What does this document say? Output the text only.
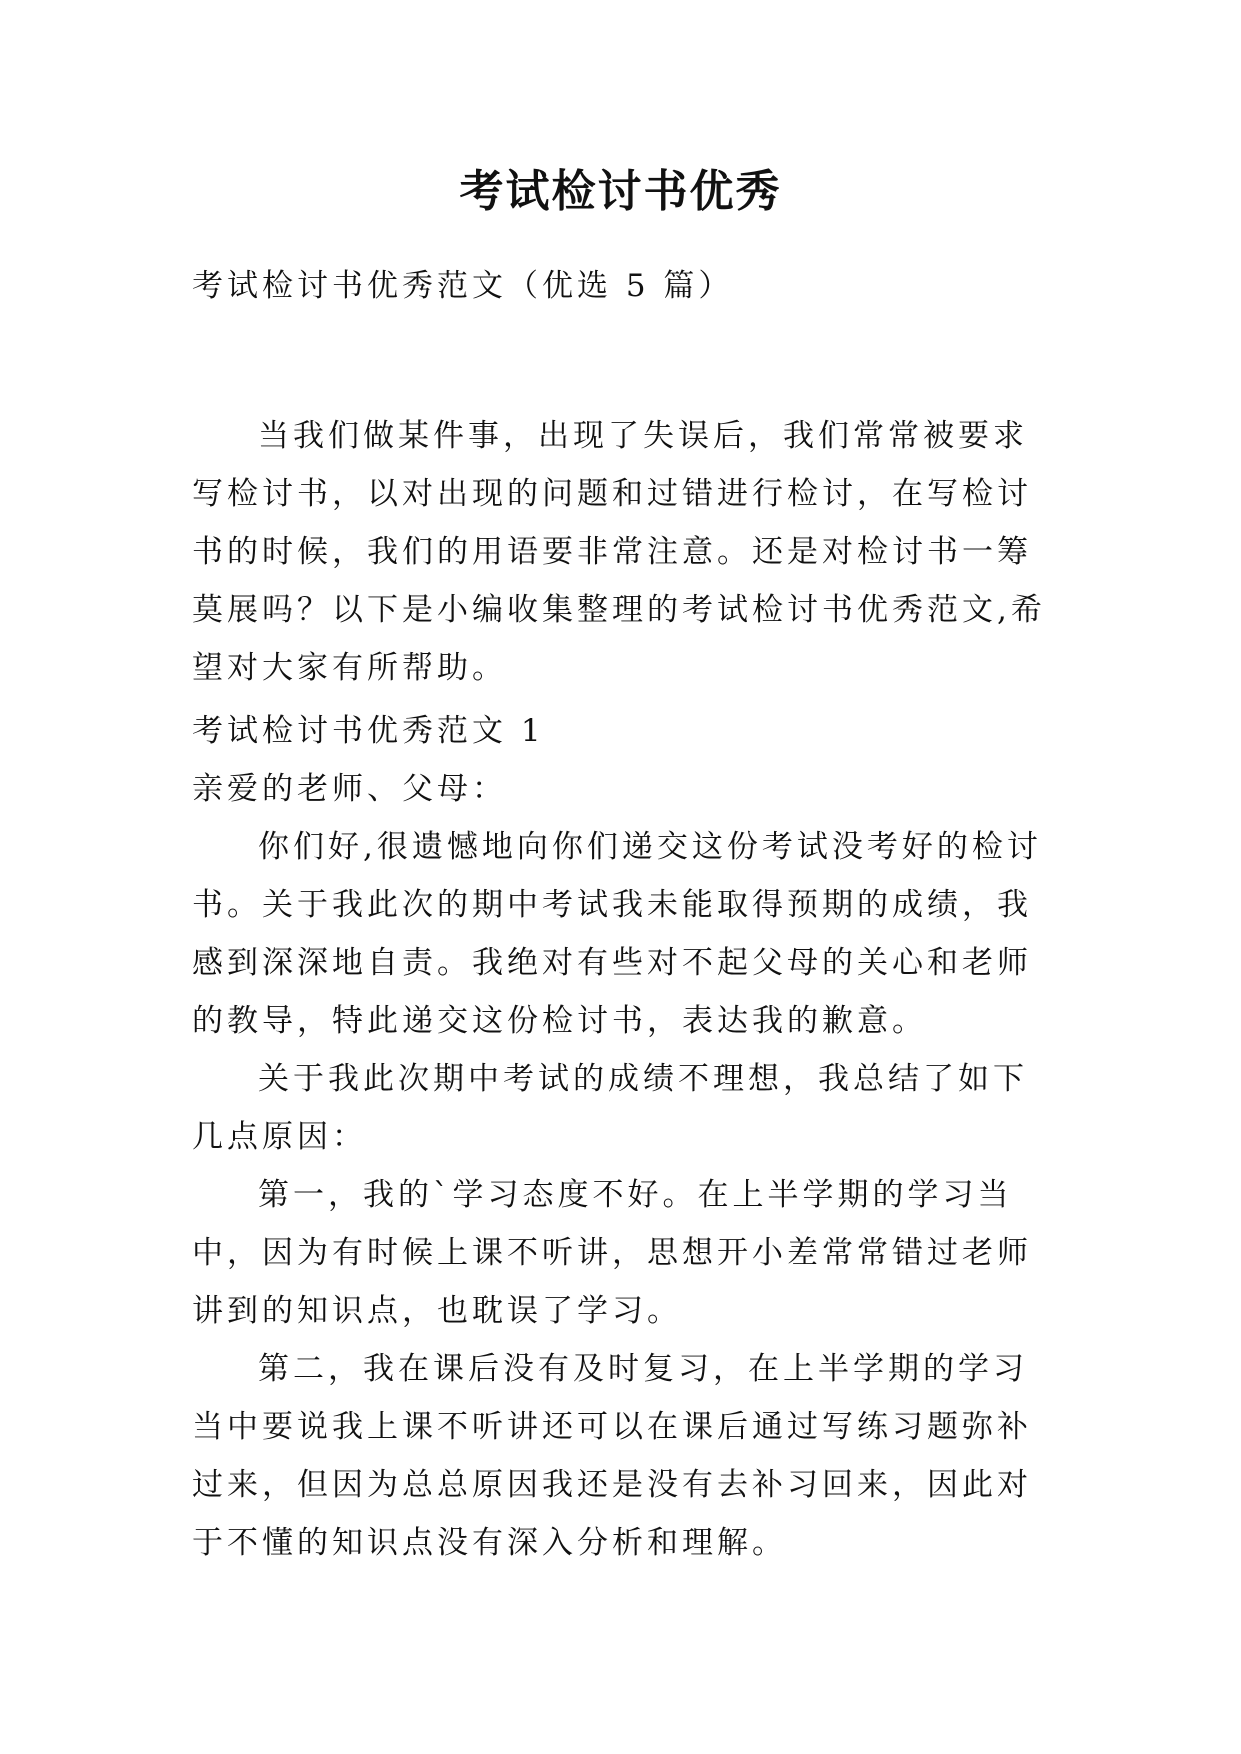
考试检讨书优秀

考试检讨书优秀范文（优选 5 篇）

当我们做某件事，出现了失误后，我们常常被要求写检讨书，以对出现的问题和过错进行检讨，在写检讨书的时候，我们的用语要非常注意。还是对检讨书一筹莫展吗？以下是小编收集整理的考试检讨书优秀范文,希望对大家有所帮助。

考试检讨书优秀范文 1

亲爱的老师、父母：

你们好,很遗憾地向你们递交这份考试没考好的检讨书。关于我此次的期中考试我未能取得预期的成绩，我感到深深地自责。我绝对有些对不起父母的关心和老师的教导，特此递交这份检讨书，表达我的歉意。

关于我此次期中考试的成绩不理想，我总结了如下几点原因：

第一，我的`学习态度不好。在上半学期的学习当中，因为有时候上课不听讲，思想开小差常常错过老师讲到的知识点，也耽误了学习。

第二，我在课后没有及时复习，在上半学期的学习当中要说我上课不听讲还可以在课后通过写练习题弥补过来，但因为总总原因我还是没有去补习回来，因此对于不懂的知识点没有深入分析和理解。
